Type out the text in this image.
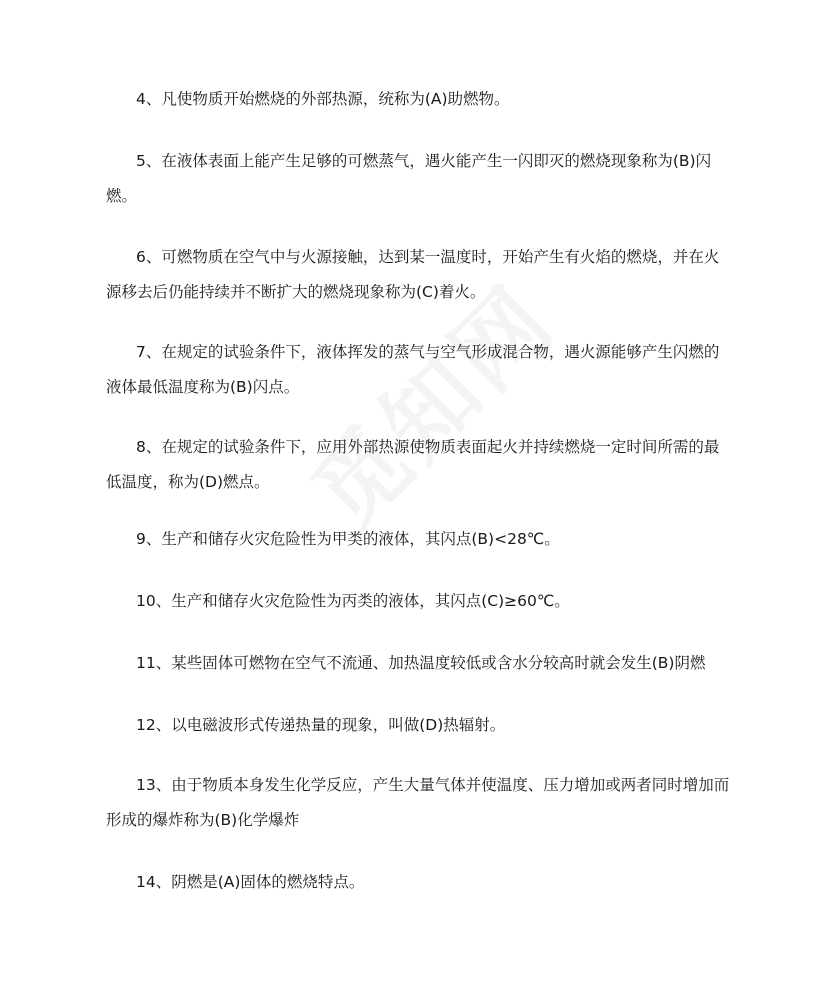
4、凡使物质开始燃烧的外部热源，统称为(A)助燃物。

5、在液体表面上能产生足够的可燃蒸气，遇火能产生一闪即灭的燃烧现象称为(B)闪燃。

6、可燃物质在空气中与火源接触，达到某一温度时，开始产生有火焰的燃烧，并在火源移去后仍能持续并不断扩大的燃烧现象称为(C)着火。

7、在规定的试验条件下，液体挥发的蒸气与空气形成混合物，遇火源能够产生闪燃的液体最低温度称为(B)闪点。

8、在规定的试验条件下，应用外部热源使物质表面起火并持续燃烧一定时间所需的最低温度，称为(D)燃点。

9、生产和储存火灾危险性为甲类的液体，其闪点(B)<28℃。

10、生产和储存火灾危险性为丙类的液体，其闪点(C)≥60℃。

11、某些固体可燃物在空气不流通、加热温度较低或含水分较高时就会发生(B)阴燃

12、以电磁波形式传递热量的现象，叫做(D)热辐射。

13、由于物质本身发生化学反应，产生大量气体并使温度、压力增加或两者同时增加而形成的爆炸称为(B)化学爆炸

14、阴燃是(A)固体的燃烧特点。
